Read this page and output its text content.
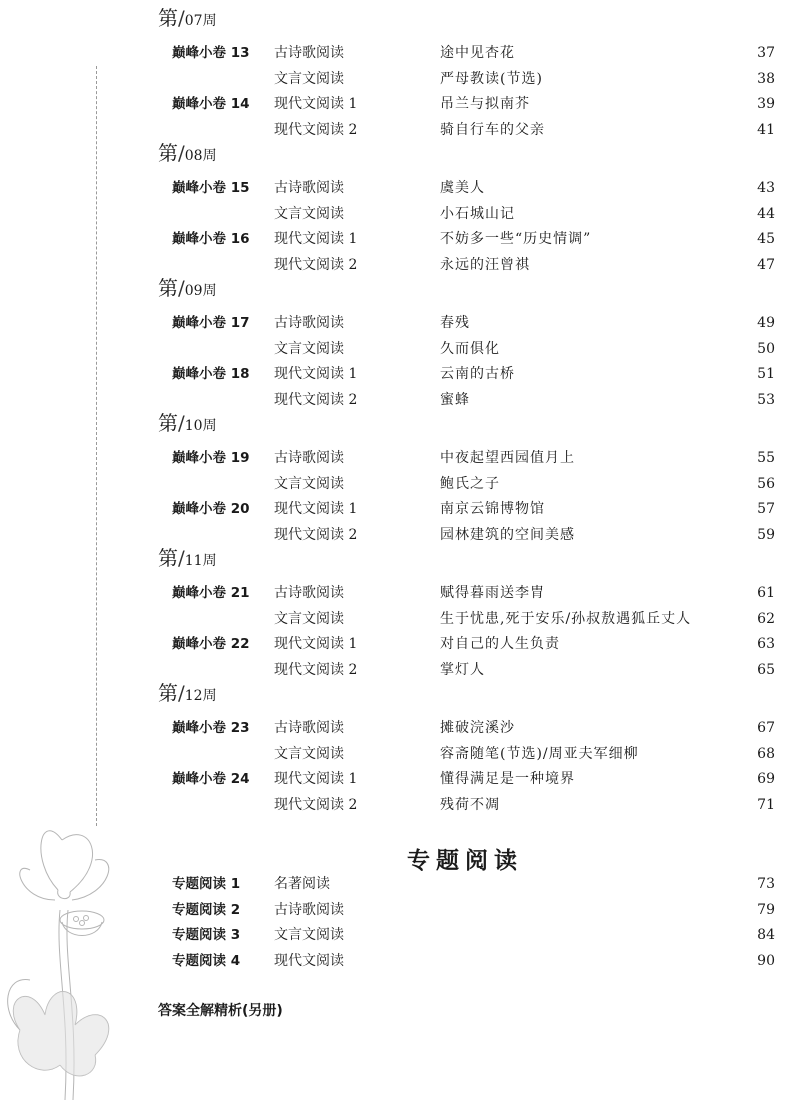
第/07周
巅峰小卷 13 古诗歌阅读	途中见杏花	37
文言文阅读	严母教读(节选)	38
巅峰小卷 14 现代文阅读 1	吊兰与拟南芥	39
现代文阅读 2	骑自行车的父亲	41
第/08周
巅峰小卷 15 古诗歌阅读	虞美人	43
文言文阅读	小石城山记	44
巅峰小卷 16 现代文阅读 1	不妨多一些“历史情调”	45
现代文阅读 2	永远的汪曾祺	47
第/09周
巅峰小卷 17 古诗歌阅读	春残	49
文言文阅读	久而俱化	50
巅峰小卷 18 现代文阅读 1	云南的古桥	51
现代文阅读 2	蜜蜂	53
第/10周
巅峰小卷 19 古诗歌阅读	中夜起望西园值月上	55
文言文阅读	鲍氏之子	56
巅峰小卷 20 现代文阅读 1	南京云锦博物馆	57
现代文阅读 2	园林建筑的空间美感	59
第/11周
巅峰小卷 21 古诗歌阅读	赋得暮雨送李胄	61
文言文阅读	生于忧患,死于安乐/孙叔敖遇狐丘丈人	62
巅峰小卷 22 现代文阅读 1	对自己的人生负责	63
现代文阅读 2	掌灯人	65
第/12周
巅峰小卷 23 古诗歌阅读	摊破浣溪沙	67
文言文阅读	容斋随笔(节选)/周亚夫军细柳	68
巅峰小卷 24 现代文阅读 1	懂得满足是一种境界	69
现代文阅读 2	残荷不凋	71
专题阅读
专题阅读 1 名著阅读	73
专题阅读 2 古诗歌阅读	79
专题阅读 3 文言文阅读	84
专题阅读 4 现代文阅读	90
答案全解精析(另册)
